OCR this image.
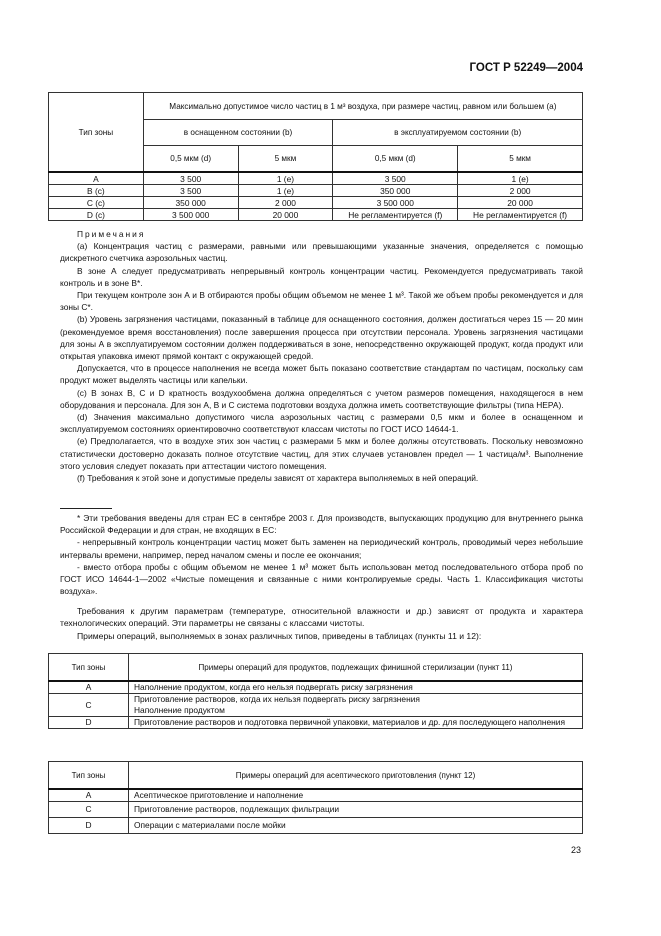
ГОСТ Р 52249—2004
Тип зоны	Максимально допустимое число частиц в 1 м³ воздуха, при размере частиц, равном или большем (а)			
	в оснащенном состоянии (b)		в эксплуатируемом состоянии (b)	
	0,5 мкм (d)	5 мкм	0,5 мкм (d)	5 мкм
A	3 500	1 (e)	3 500	1 (e)
B (c)	3 500	1 (e)	350 000	2 000
C (c)	350 000	2 000	3 500 000	20 000
D (c)	3 500 000	20 000	Не регламентируется (f)	Не регламентируется (f)

Примечания

(a) Концентрация частиц с размерами, равными или превышающими указанные значения, определяется с помощью дискретного счетчика аэрозольных частиц.

В зоне А следует предусматривать непрерывный контроль концентрации частиц. Рекомендуется предусматривать такой контроль и в зоне В*.

При текущем контроле зон А и В отбираются пробы общим объемом не менее 1 м³. Такой же объем пробы рекомендуется и для зоны С*.

(b) Уровень загрязнения частицами, показанный в таблице для оснащенного состояния, должен достигаться через 15 — 20 мин (рекомендуемое время восстановления) после завершения процесса при отсутствии персонала. Уровень загрязнения частицами для зоны А в эксплуатируемом состоянии должен поддерживаться в зоне, непосредственно окружающей продукт, когда продукт или открытая упаковка имеют прямой контакт с окружающей средой.

Допускается, что в процессе наполнения не всегда может быть показано соответствие стандартам по частицам, поскольку сам продукт может выделять частицы или капельки.

(c) В зонах В, С и D кратность воздухообмена должна определяться с учетом размеров помещения, находящегося в нем оборудования и персонала. Для зон А, В и С система подготовки воздуха должна иметь соответствующие фильтры (типа НЕРА).

(d) Значения максимально допустимого числа аэрозольных частиц с размерами 0,5 мкм и более в оснащенном и эксплуатируемом состояниях ориентировочно соответствуют классам чистоты по ГОСТ ИСО 14644-1.

(e) Предполагается, что в воздухе этих зон частиц с размерами 5 мкм и более должны отсутствовать. Поскольку невозможно статистически достоверно доказать полное отсутствие частиц, для этих случаев установлен предел — 1 частица/м³. Выполнение этого условия следует показать при аттестации чистого помещения.

(f) Требования к этой зоне и допустимые пределы зависят от характера выполняемых в ней операций.

* Эти требования введены для стран ЕС в сентябре 2003 г. Для производств, выпускающих продукцию для внутреннего рынка Российской Федерации и для стран, не входящих в ЕС:

- непрерывный контроль концентрации частиц может быть заменен на периодический контроль, проводимый через небольшие интервалы времени, например, перед началом смены и после ее окончания;

- вместо отбора пробы с общим объемом не менее 1 м³ может быть использован метод последовательного отбора проб по ГОСТ ИСО 14644-1—2002 «Чистые помещения и связанные с ними контролируемые среды. Часть 1. Классификация чистоты воздуха».

Требования к другим параметрам (температуре, относительной влажности и др.) зависят от продукта и характера технологических операций. Эти параметры не связаны с классами чистоты.

Примеры операций, выполняемых в зонах различных типов, приведены в таблицах (пункты 11 и 12):

Тип зоны	Примеры операций для продуктов, подлежащих финишной стерилизации (пункт 11)
A	Наполнение продуктом, когда его нельзя подвергать риску загрязнения
C	Приготовление растворов, когда их нельзя подвергать риску загрязнения
Наполнение продуктом

D	Приготовление растворов и подготовка первичной упаковки, материалов и др. для последующего наполнения
Тип зоны	Примеры операций для асептического приготовления (пункт 12)
A	Асептическое приготовление и наполнение
C	Приготовление растворов, подлежащих фильтрации
D	Операции с материалами после мойки
23
